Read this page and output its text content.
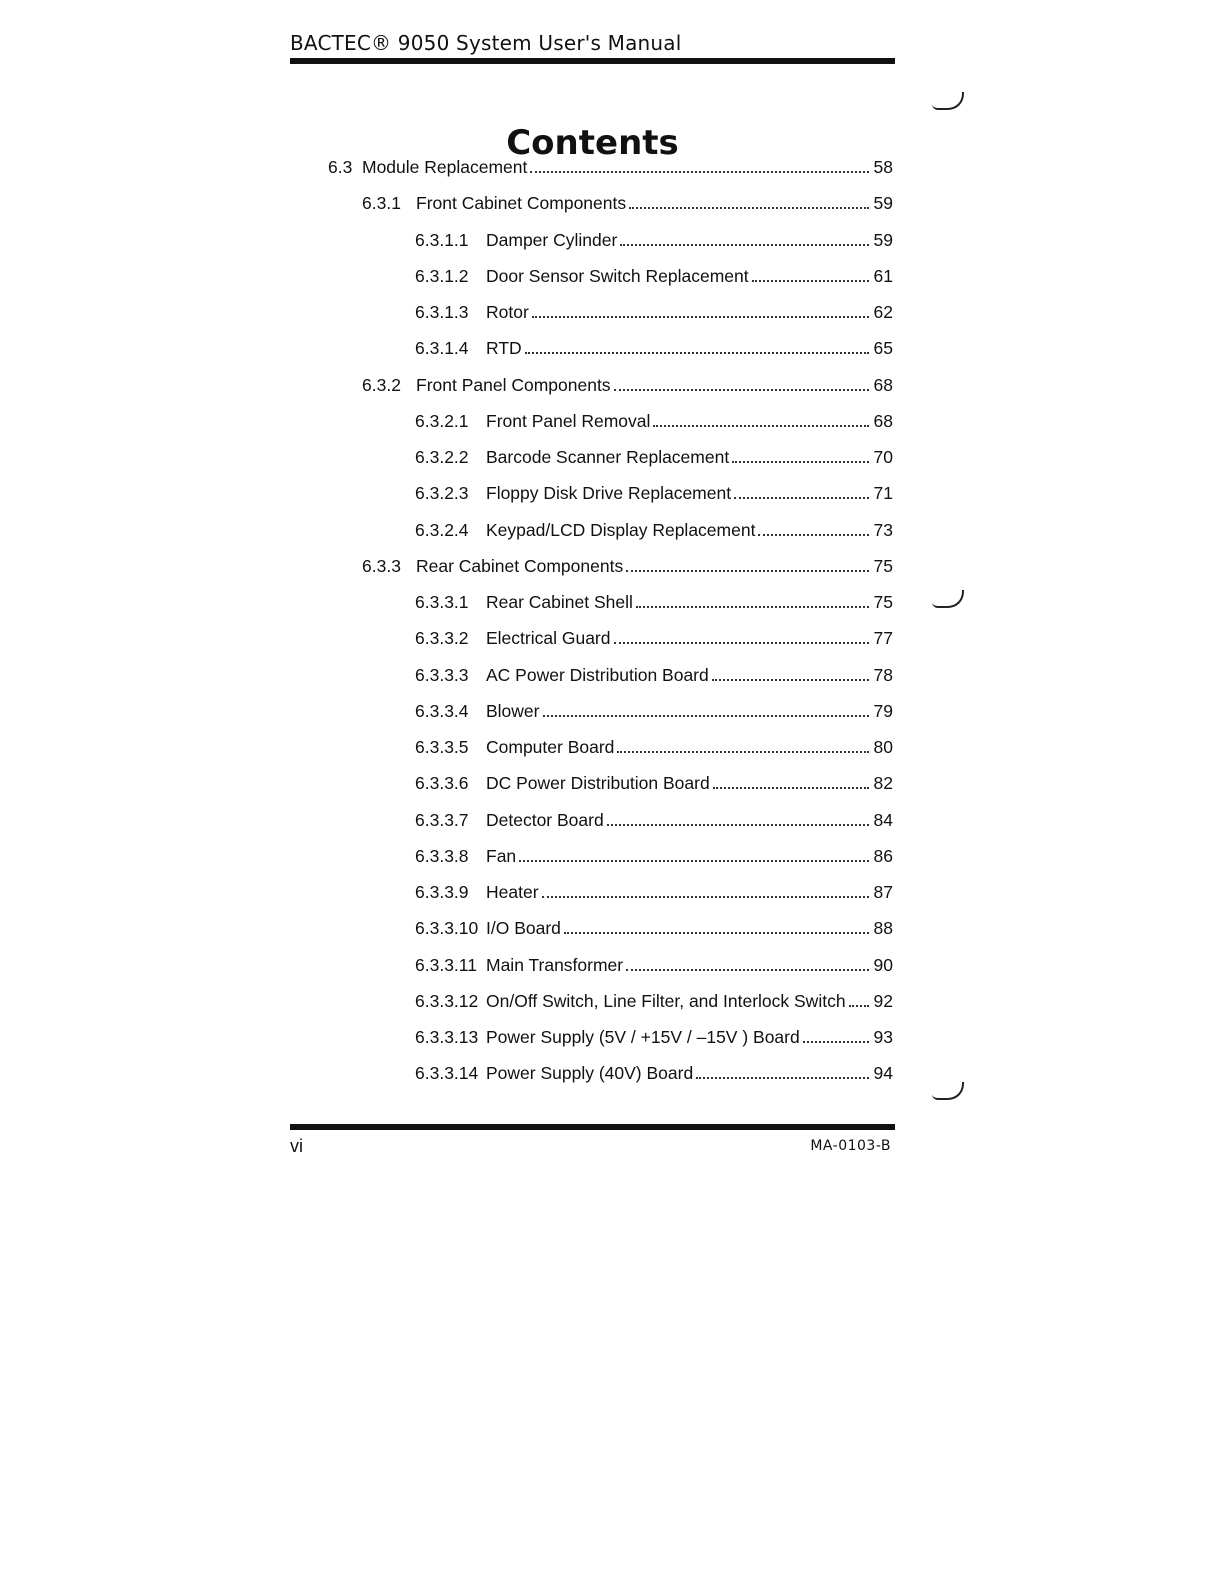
BACTEC® 9050 System User's Manual
Contents
6.3 Module Replacement	58
6.3.1 Front Cabinet Components	59
6.3.1.1 Damper Cylinder	59
6.3.1.2 Door Sensor Switch Replacement	61
6.3.1.3 Rotor	62
6.3.1.4 RTD	65
6.3.2 Front Panel Components	68
6.3.2.1 Front Panel Removal	68
6.3.2.2 Barcode Scanner Replacement	70
6.3.2.3 Floppy Disk Drive Replacement	71
6.3.2.4 Keypad/LCD Display Replacement	73
6.3.3 Rear Cabinet Components	75
6.3.3.1 Rear Cabinet Shell	75
6.3.3.2 Electrical Guard	77
6.3.3.3 AC Power Distribution Board	78
6.3.3.4 Blower	79
6.3.3.5 Computer Board	80
6.3.3.6 DC Power Distribution Board	82
6.3.3.7 Detector Board	84
6.3.3.8 Fan	86
6.3.3.9 Heater	87
6.3.3.10 I/O Board	88
6.3.3.11 Main Transformer	90
6.3.3.12 On/Off Switch, Line Filter, and Interlock Switch 92
6.3.3.13 Power Supply (5V / +15V / –15V ) Board	93
6.3.3.14 Power Supply (40V) Board	94
vi	MA-0103-B
